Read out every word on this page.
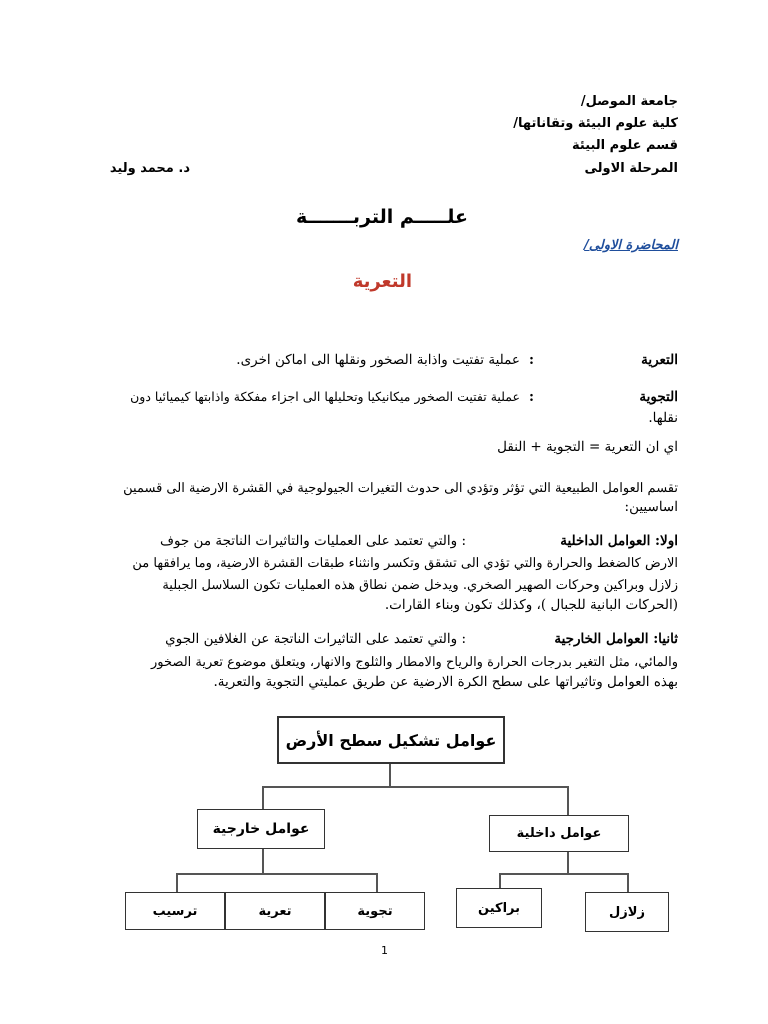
جامعة الموصل/
كلية علوم البيئة وتقاناتها/
قسم علوم البيئة
المرحلة الاولى
د. محمد وليد
علـــــم التربـــــــة
المحاضرة الاولى/
التعرية
التعرية
:
عملية تفتيت واذابة الصخور ونقلها الى اماكن اخرى.
التجوية
:
عملية تفتيت الصخور ميكانيكيا وتحليلها الى اجزاء مفككة واذابتها كيميائيا دون
نقلها.
اي ان التعرية = التجوية + النقل
تقسم العوامل الطبيعية التي تؤثر وتؤدي الى حدوث التغيرات الجيولوجية في القشرة الارضية الى قسمين
اساسيين:
اولا: العوامل الداخلية
: والتي تعتمد على العمليات والتاثيرات الناتجة من جوف
الارض كالضغط والحرارة والتي تؤدي الى تشقق وتكسر وانثناء طبقات القشرة الارضية، وما يرافقها من
زلازل وبراكين وحركات الصهير الصخري. ويدخل ضمن نطاق هذه العمليات تكون السلاسل الجبلية
(الحركات البانية للجبال )، وكذلك تكون وبناء القارات.
ثانيا: العوامل الخارجية
: والتي تعتمد على التاثيرات الناتجة عن الغلافين الجوي
والمائي، مثل التغير بدرجات الحرارة والرياح والامطار والثلوج والانهار، ويتعلق موضوع تعرية الصخور
بهذه العوامل وتاثيراتها على سطح الكرة الارضية عن طريق عمليتي التجوية والتعرية.
عوامل تشكيل سطح الأرض
عوامل خارجية	عوامل داخلية
تجوية
تعرية
ترسيب	براكين	زلازل
1
